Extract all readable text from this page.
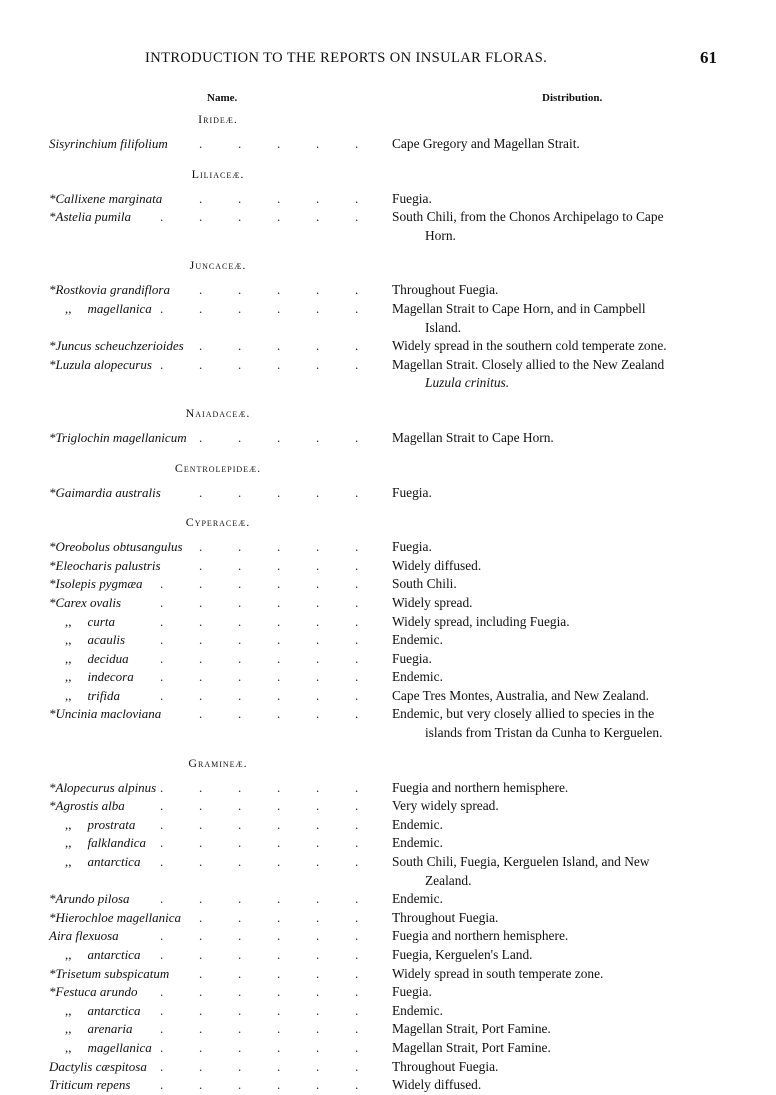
INTRODUCTION TO THE REPORTS ON INSULAR FLORAS.	61
Name.	Distribution.
Irideæ.
.
Sisyrinchium filifolium	Cape Gregory and Magellan Strait.
Liliaceæ.
.
*Callixene marginata	Fuegia.
.
*Astelia pumila	South Chili, from the Chonos Archipelago to Cape
Horn.
Juncaceæ.
.
*Rostkovia grandiflora	Throughout Fuegia.
.
,, magellanica	Magellan Strait to Cape Horn, and in Campbell
Island.
.
*Juncus scheuchzerioides	Widely spread in the southern cold temperate zone.
.
*Luzula alopecurus	Magellan Strait. Closely allied to the New Zealand
Luzula crinitus.
Naiadaceæ.
.
*Triglochin magellanicum	Magellan Strait to Cape Horn.
Centrolepideæ.
.
*Gaimardia australis	Fuegia.
Cyperaceæ.
.
*Oreobolus obtusangulus	Fuegia.
.
*Eleocharis palustris	Widely diffused.
.
*Isolepis pygmæa	South Chili.
.
*Carex ovalis	Widely spread.
.
,, curta	Widely spread, including Fuegia.
.
,, acaulis	Endemic.
.
,, decidua	Fuegia.
.
,, indecora	Endemic.
.
,, trifida	Cape Tres Montes, Australia, and New Zealand.
.
*Uncinia macloviana	Endemic, but very closely allied to species in the
islands from Tristan da Cunha to Kerguelen.
Gramineæ.
.
*Alopecurus alpinus	Fuegia and northern hemisphere.
.
*Agrostis alba	Very widely spread.
.
,, prostrata	Endemic.
.
,, falklandica	Endemic.
.
,, antarctica	South Chili, Fuegia, Kerguelen Island, and New
Zealand.
.
*Arundo pilosa	Endemic.
.
*Hierochloe magellanica	Throughout Fuegia.
.
Aira flexuosa	Fuegia and northern hemisphere.
.
,, antarctica	Fuegia, Kerguelen's Land.
.
*Trisetum subspicatum	Widely spread in south temperate zone.
.
*Festuca arundo	Fuegia.
.
,, antarctica	Endemic.
.
,, arenaria	Magellan Strait, Port Famine.
.
,, magellanica	Magellan Strait, Port Famine.
.
Dactylis cæspitosa	Throughout Fuegia.
.
Triticum repens	Widely diffused.
